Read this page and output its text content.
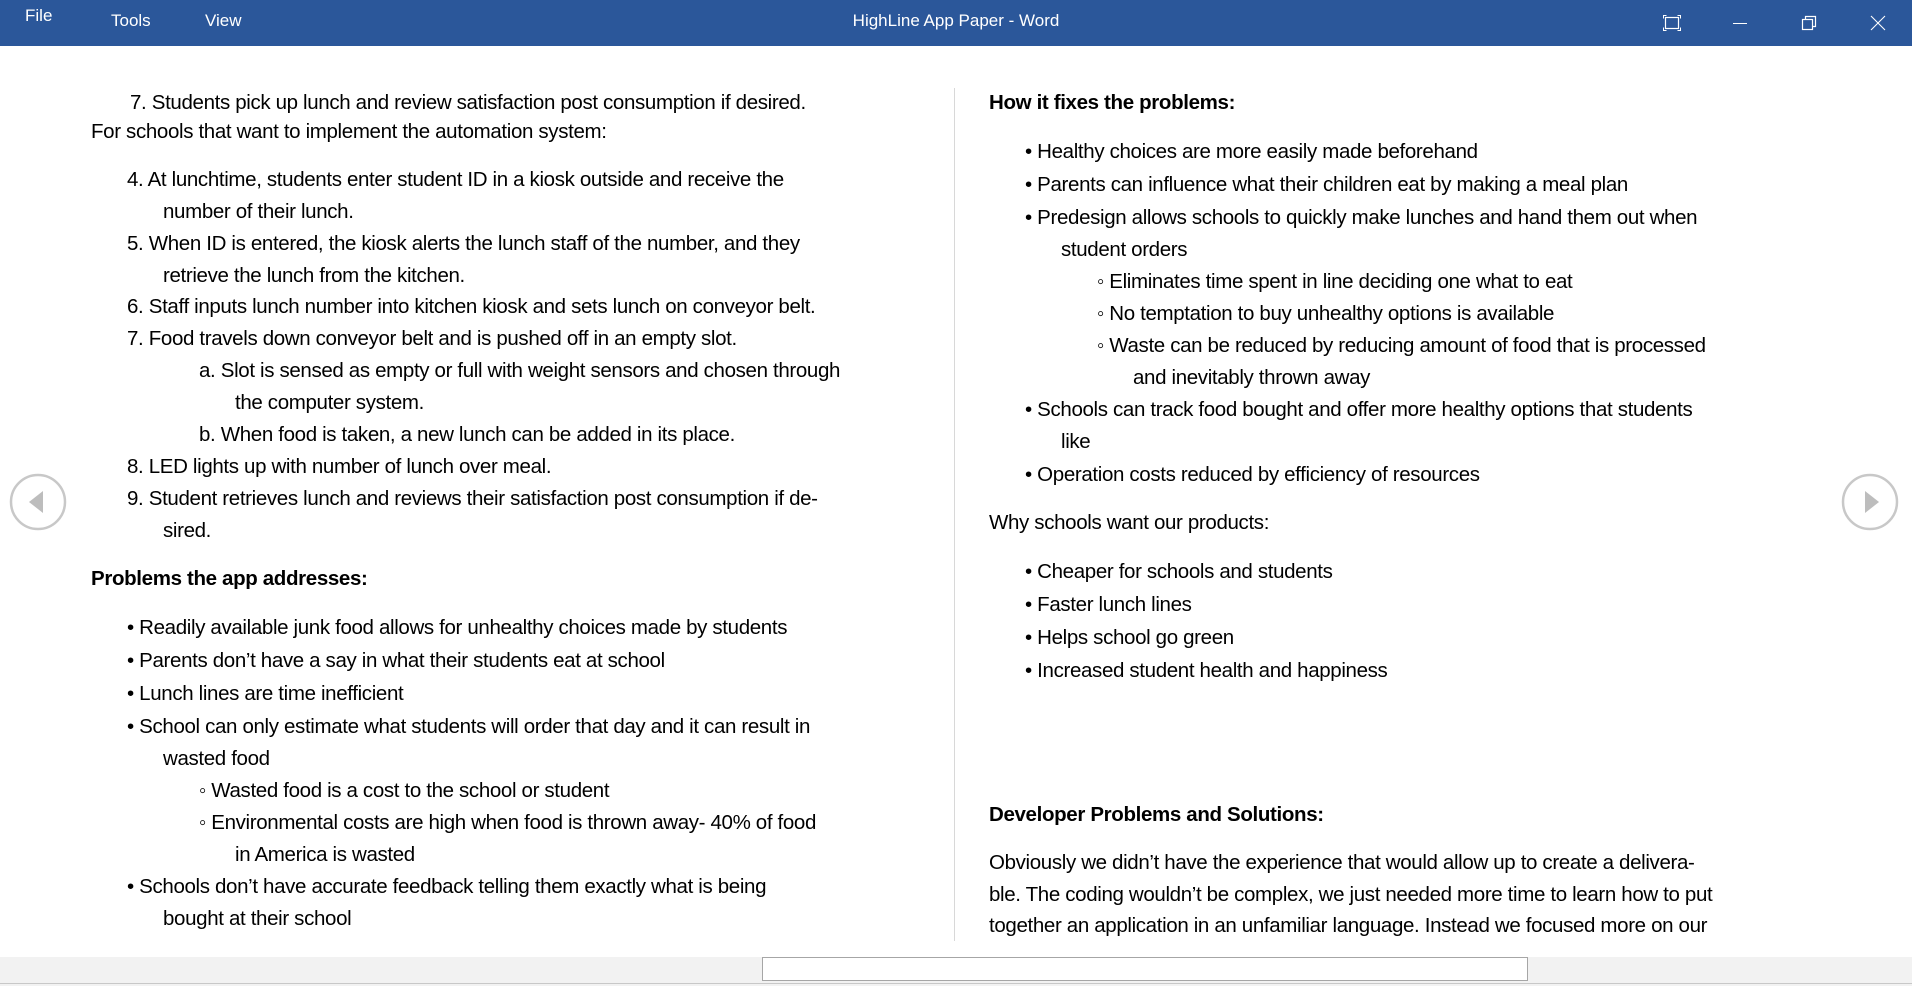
File	Tools	View	HighLine App Paper - Word
7. Students pick up lunch and review satisfaction post consumption if desired.
For schools that want to implement the automation system:
4. At lunchtime, students enter student ID in a kiosk outside and receive the
number of their lunch.
5. When ID is entered, the kiosk alerts the lunch staff of the number, and they
retrieve the lunch from the kitchen.
6. Staff inputs lunch number into kitchen kiosk and sets lunch on conveyor belt.
7. Food travels down conveyor belt and is pushed off in an empty slot.
a. Slot is sensed as empty or full with weight sensors and chosen through
the computer system.
b. When food is taken, a new lunch can be added in its place.
8. LED lights up with number of lunch over meal.
9. Student retrieves lunch and reviews their satisfaction post consumption if de-
sired.
Problems the app addresses:
• Readily available junk food allows for unhealthy choices made by students
• Parents don’t have a say in what their students eat at school
• Lunch lines are time inefficient
• School can only estimate what students will order that day and it can result in
wasted food
◦ Wasted food is a cost to the school or student
◦ Environmental costs are high when food is thrown away- 40% of food
in America is wasted
• Schools don’t have accurate feedback telling them exactly what is being
bought at their school
How it fixes the problems:
• Healthy choices are more easily made beforehand
• Parents can influence what their children eat by making a meal plan
• Predesign allows schools to quickly make lunches and hand them out when
student orders
◦ Eliminates time spent in line deciding one what to eat
◦ No temptation to buy unhealthy options is available
◦ Waste can be reduced by reducing amount of food that is processed
and inevitably thrown away
• Schools can track food bought and offer more healthy options that students
like
• Operation costs reduced by efficiency of resources
Why schools want our products:
• Cheaper for schools and students
• Faster lunch lines
• Helps school go green
• Increased student health and happiness
Developer Problems and Solutions:
Obviously we didn’t have the experience that would allow up to create a delivera-
ble. The coding wouldn’t be complex, we just needed more time to learn how to put
together an application in an unfamiliar language. Instead we focused more on our
